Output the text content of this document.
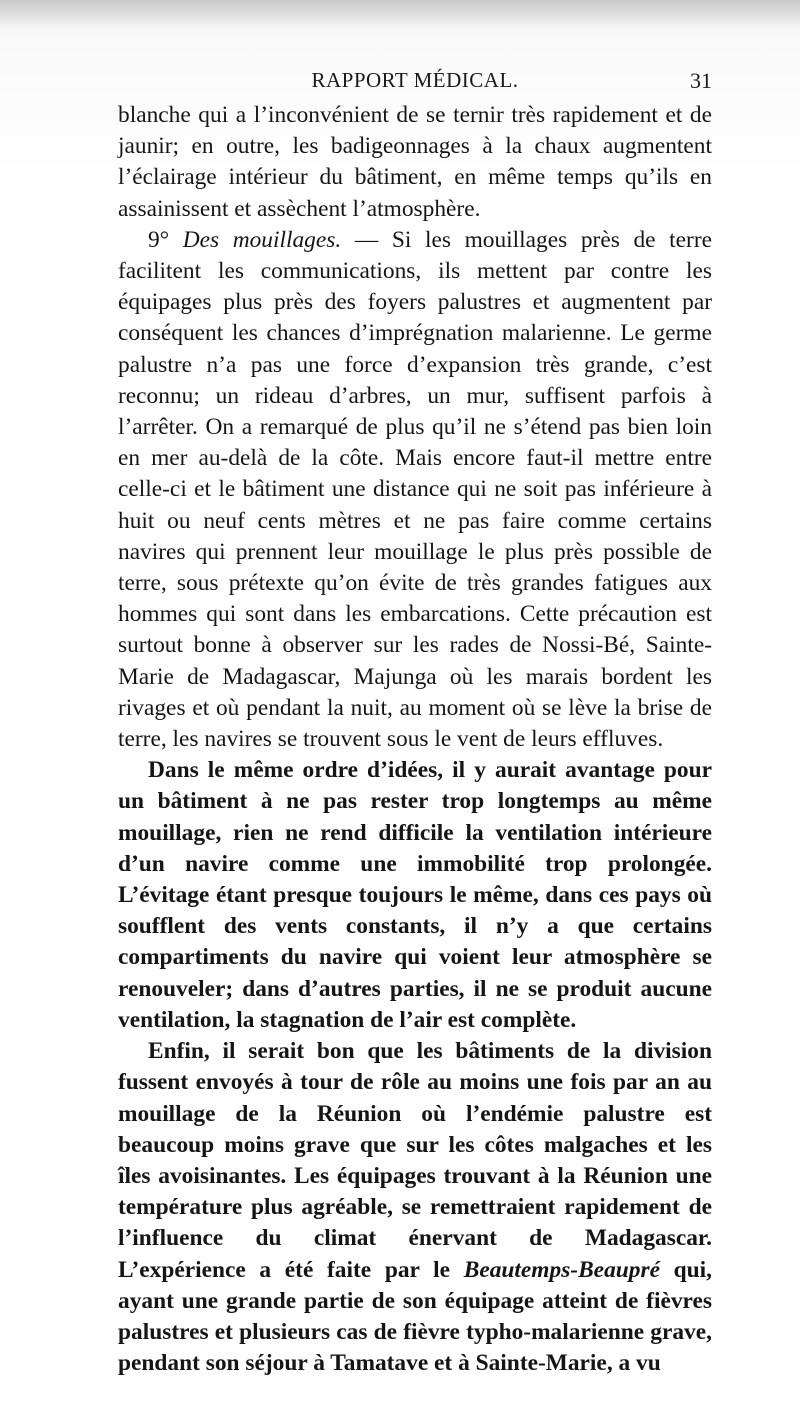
RAPPORT MÉDICAL.	31

blanche qui a l’inconvénient de se ternir très rapidement et de jaunir; en outre, les badigeonnages à la chaux augmentent l’éclairage intérieur du bâtiment, en même temps qu’ils en assainissent et assèchent l’atmosphère.

9° Des mouillages. — Si les mouillages près de terre facilitent les communications, ils mettent par contre les équipages plus près des foyers palustres et augmentent par conséquent les chances d’imprégnation malarienne. Le germe palustre n’a pas une force d’expansion très grande, c’est reconnu; un rideau d’arbres, un mur, suffisent parfois à l’arrêter. On a remarqué de plus qu’il ne s’étend pas bien loin en mer au-delà de la côte. Mais encore faut-il mettre entre celle-ci et le bâtiment une distance qui ne soit pas inférieure à huit ou neuf cents mètres et ne pas faire comme certains navires qui prennent leur mouillage le plus près possible de terre, sous prétexte qu’on évite de très grandes fatigues aux hommes qui sont dans les embarcations. Cette précaution est surtout bonne à observer sur les rades de Nossi-Bé, Sainte-Marie de Madagascar, Majunga où les marais bordent les rivages et où pendant la nuit, au moment où se lève la brise de terre, les navires se trouvent sous le vent de leurs effluves.

Dans le même ordre d’idées, il y aurait avantage pour un bâtiment à ne pas rester trop longtemps au même mouillage, rien ne rend difficile la ventilation intérieure d’un navire comme une immobilité trop prolongée. L’évitage étant presque toujours le même, dans ces pays où soufflent des vents constants, il n’y a que certains compartiments du navire qui voient leur atmosphère se renouveler; dans d’autres parties, il ne se produit aucune ventilation, la stagnation de l’air est complète.

Enfin, il serait bon que les bâtiments de la division fussent envoyés à tour de rôle au moins une fois par an au mouillage de la Réunion où l’endémie palustre est beaucoup moins grave que sur les côtes malgaches et les îles avoisinantes. Les équipages trouvant à la Réunion une température plus agréable, se remettraient rapidement de l’influence du climat énervant de Madagascar. L’expérience a été faite par le Beautemps-Beaupré qui, ayant une grande partie de son équipage atteint de fièvres palustres et plusieurs cas de fièvre typho-malarienne grave, pendant son séjour à Tamatave et à Sainte-Marie, a vu
